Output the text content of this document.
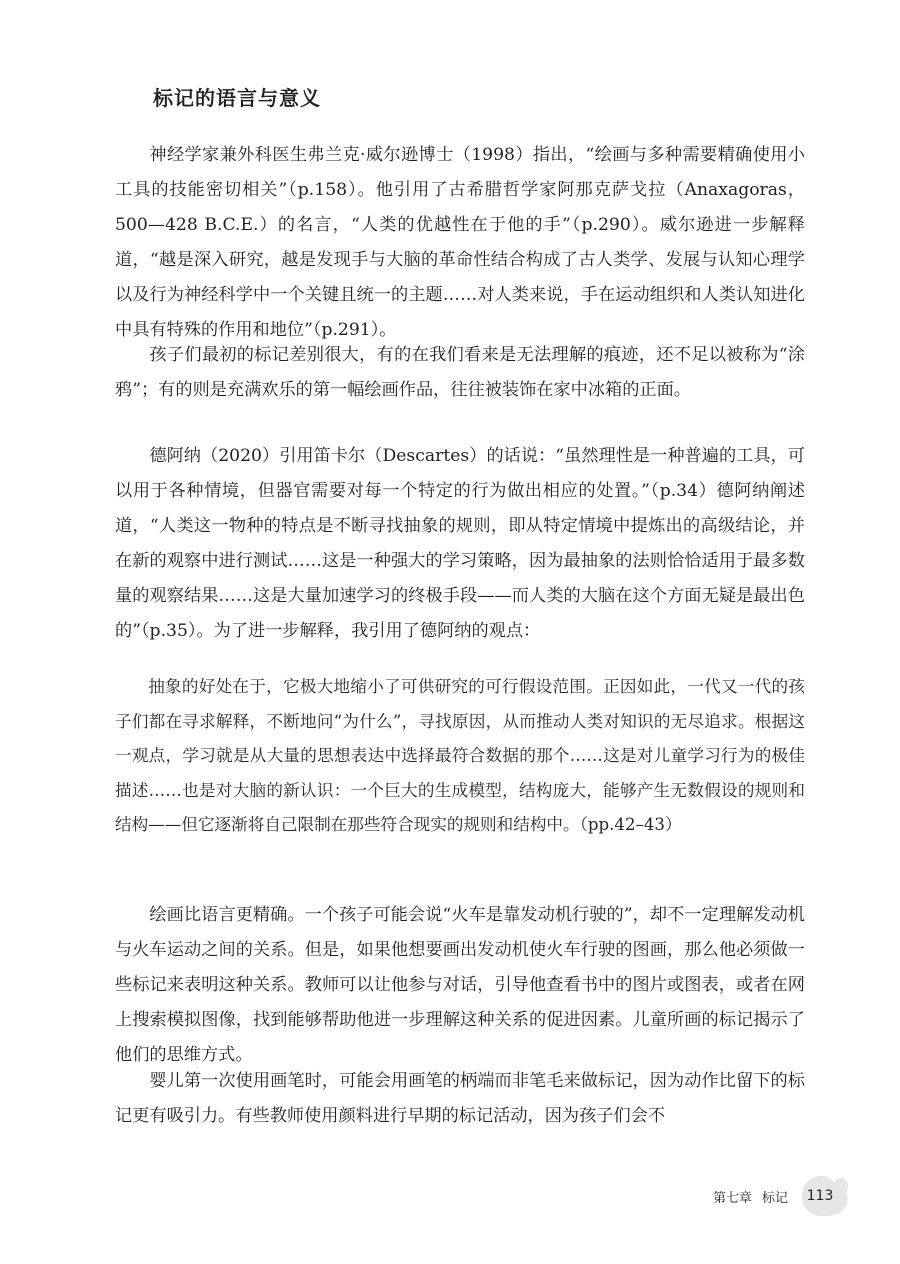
标记的语言与意义

神经学家兼外科医生弗兰克·威尔逊博士（1998）指出，“绘画与多种需要精确使用小工具的技能密切相关”（p.158）。他引用了古希腊哲学家阿那克萨戈拉（Anaxagoras，500—428 B.C.E.）的名言，“人类的优越性在于他的手”（p.290）。威尔逊进一步解释道，“越是深入研究，越是发现手与大脑的革命性结合构成了古人类学、发展与认知心理学以及行为神经科学中一个关键且统一的主题……对人类来说，手在运动组织和人类认知进化中具有特殊的作用和地位”（p.291）。

孩子们最初的标记差别很大，有的在我们看来是无法理解的痕迹，还不足以被称为“涂鸦”；有的则是充满欢乐的第一幅绘画作品，往往被装饰在家中冰箱的正面。

德阿纳（2020）引用笛卡尔（Descartes）的话说：“虽然理性是一种普遍的工具，可以用于各种情境，但器官需要对每一个特定的行为做出相应的处置。”（p.34）德阿纳阐述道，“人类这一物种的特点是不断寻找抽象的规则，即从特定情境中提炼出的高级结论，并在新的观察中进行测试……这是一种强大的学习策略，因为最抽象的法则恰恰适用于最多数量的观察结果……这是大量加速学习的终极手段——而人类的大脑在这个方面无疑是最出色的”（p.35）。为了进一步解释，我引用了德阿纳的观点：

抽象的好处在于，它极大地缩小了可供研究的可行假设范围。正因如此，一代又一代的孩子们都在寻求解释，不断地问“为什么”，寻找原因，从而推动人类对知识的无尽追求。根据这一观点，学习就是从大量的思想表达中选择最符合数据的那个……这是对儿童学习行为的极佳描述……也是对大脑的新认识：一个巨大的生成模型，结构庞大，能够产生无数假设的规则和结构——但它逐渐将自己限制在那些符合现实的规则和结构中。（pp.42–43）

绘画比语言更精确。一个孩子可能会说“火车是靠发动机行驶的”，却不一定理解发动机与火车运动之间的关系。但是，如果他想要画出发动机使火车行驶的图画，那么他必须做一些标记来表明这种关系。教师可以让他参与对话，引导他查看书中的图片或图表，或者在网上搜索模拟图像，找到能够帮助他进一步理解这种关系的促进因素。儿童所画的标记揭示了他们的思维方式。

婴儿第一次使用画笔时，可能会用画笔的柄端而非笔毛来做标记，因为动作比留下的标记更有吸引力。有些教师使用颜料进行早期的标记活动，因为孩子们会不

第七章 标记	113
